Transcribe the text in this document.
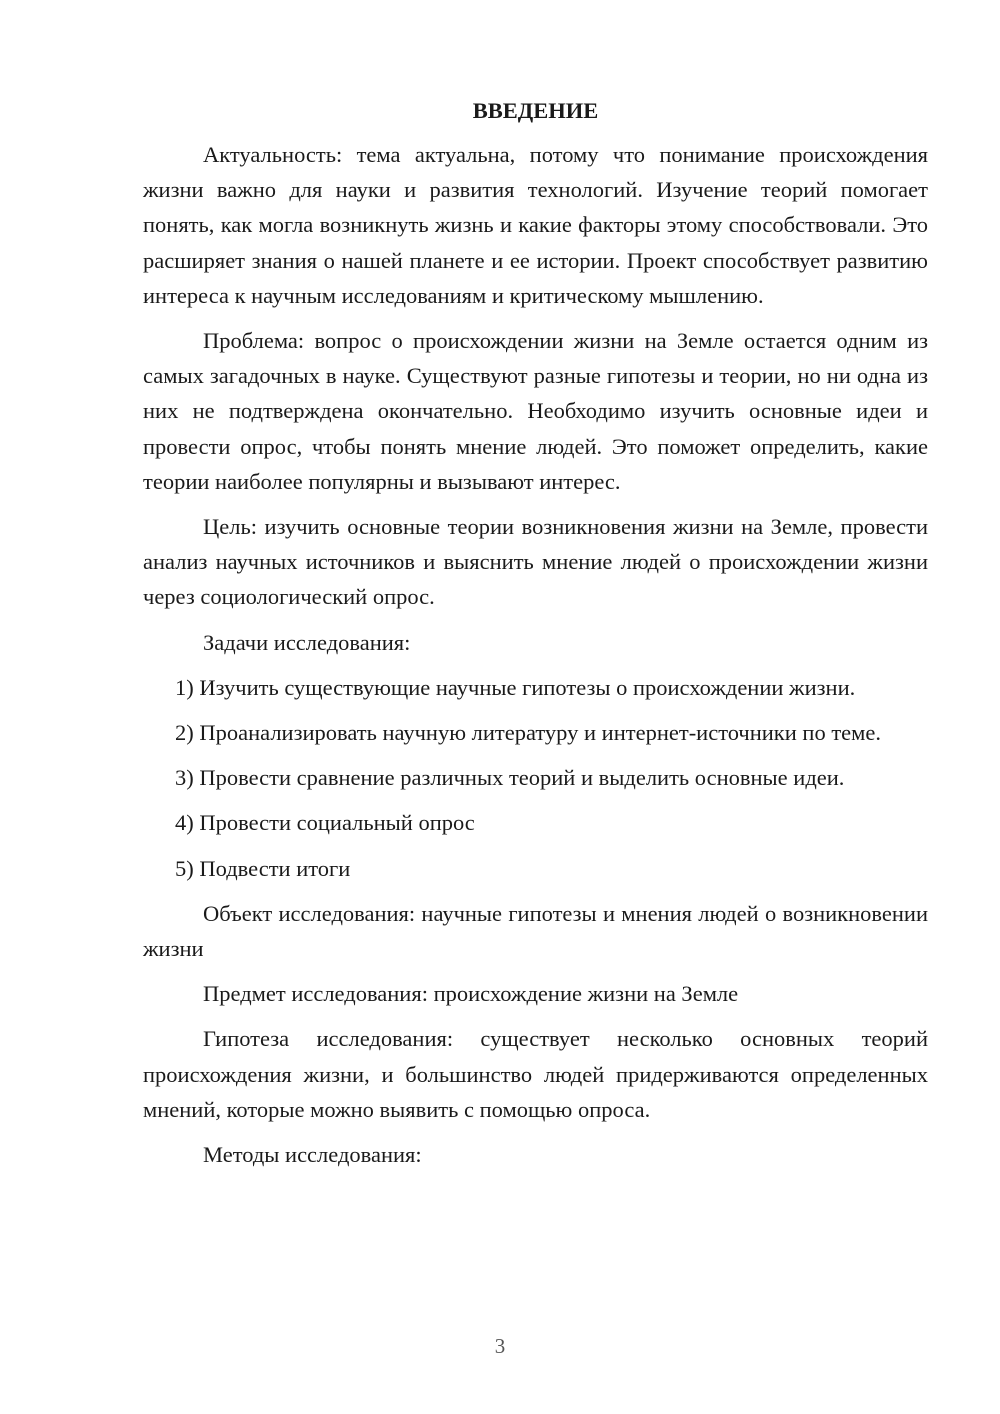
ВВЕДЕНИЕ

Актуальность: тема актуальна, потому что понимание происхождения жизни важно для науки и развития технологий. Изучение теорий помогает понять, как могла возникнуть жизнь и какие факторы этому способствовали. Это расширяет знания о нашей планете и ее истории. Проект способствует развитию интереса к научным исследованиям и критическому мышлению.

Проблема: вопрос о происхождении жизни на Земле остается одним из самых загадочных в науке. Существуют разные гипотезы и теории, но ни одна из них не подтверждена окончательно. Необходимо изучить основные идеи и провести опрос, чтобы понять мнение людей. Это поможет определить, какие теории наиболее популярны и вызывают интерес.

Цель: изучить основные теории возникновения жизни на Земле, провести анализ научных источников и выяснить мнение людей о происхождении жизни через социологический опрос.

Задачи исследования:

1) Изучить существующие научные гипотезы о происхождении жизни.

2) Проанализировать научную литературу и интернет-источники по теме.

3) Провести сравнение различных теорий и выделить основные идеи.

4) Провести социальный опрос

5) Подвести итоги

Объект исследования: научные гипотезы и мнения людей о возникновении жизни

Предмет исследования: происхождение жизни на Земле

Гипотеза исследования: существует несколько основных теорий происхождения жизни, и большинство людей придерживаются определенных мнений, которые можно выявить с помощью опроса.

Методы исследования:

3
